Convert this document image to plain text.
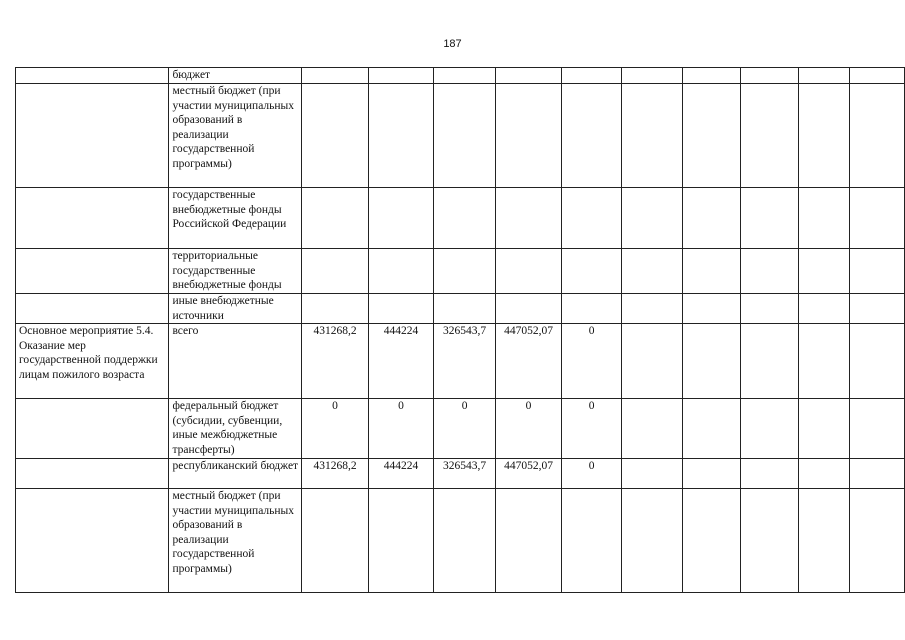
187
	бюджет										
	местный бюджет (при участии муниципальных образований в реализации государственной программы)										
	государственные внебюджетные фонды Российской Федерации										
	территориальные государственные внебюджетные фонды										
	иные внебюджетные источники										
Основное мероприятие 5.4. Оказание мер государственной поддержки лицам пожилого возраста	всего	431268,2	444224	326543,7	447052,07	0					
	федеральный бюджет (субсидии, субвенции, иные межбюджетные трансферты)	0	0	0	0	0					
	республиканский бюджет	431268,2	444224	326543,7	447052,07	0					
	местный бюджет (при участии муниципальных образований в реализации государственной программы)										
